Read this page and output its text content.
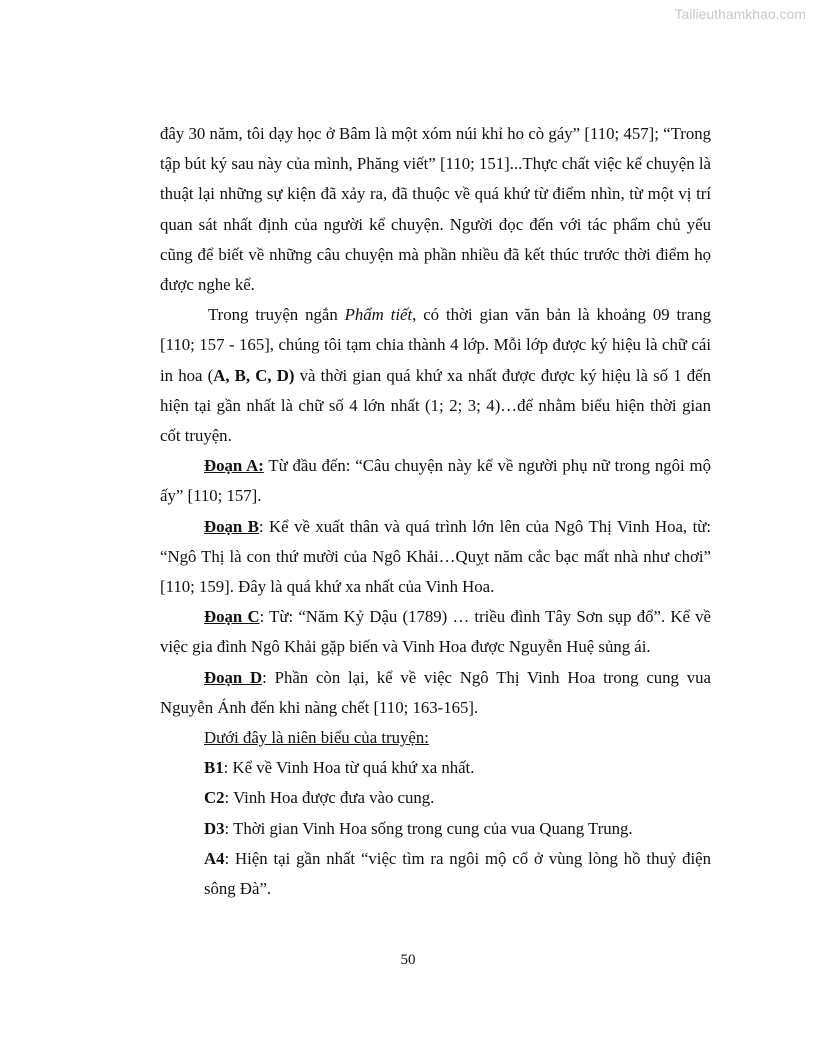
Tailieuthamkhao.com

đây 30 năm, tôi dạy học ở Bâm là một xóm núi khỉ ho cò gáy” [110; 457]; “Trong tập bút ký sau này của mình, Phăng viết” [110; 151]...Thực chất việc kể chuyện là thuật lại những sự kiện đã xảy ra, đã thuộc về quá khứ từ điểm nhìn, từ một vị trí quan sát nhất định của người kể chuyện. Người đọc đến với tác phẩm chủ yếu cũng để biết về những câu chuyện mà phần nhiều đã kết thúc trước thời điểm họ được nghe kể.

Trong truyện ngắn Phẩm tiết, có thời gian văn bản là khoảng 09 trang [110; 157 - 165], chúng tôi tạm chia thành 4 lớp. Mỗi lớp được ký hiệu là chữ cái in hoa (A, B, C, D) và thời gian quá khứ xa nhất được được ký hiệu là số 1 đến hiện tại gần nhất là chữ số 4 lớn nhất (1; 2; 3; 4)…để nhằm biểu hiện thời gian cốt truyện.

Đoạn A: Từ đầu đến: “Câu chuyện này kể về người phụ nữ trong ngôi mộ ấy” [110; 157].

Đoạn B: Kể về xuất thân và quá trình lớn lên của Ngô Thị Vinh Hoa, từ: “Ngô Thị là con thứ mười của Ngô Khải…Quỵt năm cắc bạc mất nhà như chơi” [110; 159]. Đây là quá khứ xa nhất của Vinh Hoa.

Đoạn C: Từ: “Năm Kỷ Dậu (1789) … triều đình Tây Sơn sụp đổ”. Kể về việc gia đình Ngô Khải gặp biến và Vinh Hoa được Nguyễn Huệ sủng ái.

Đoạn D: Phần còn lại, kể về việc Ngô Thị Vinh Hoa trong cung vua Nguyễn Ánh đến khi nàng chết [110; 163-165].

Dưới đây là niên biểu của truyện:

B1: Kể về Vinh Hoa từ quá khứ xa nhất.

C2: Vinh Hoa được đưa vào cung.

D3: Thời gian Vinh Hoa sống trong cung của vua Quang Trung.

A4: Hiện tại gần nhất “việc tìm ra ngôi mộ cổ ở vùng lòng hồ thuỷ điện sông Đà”.

50
